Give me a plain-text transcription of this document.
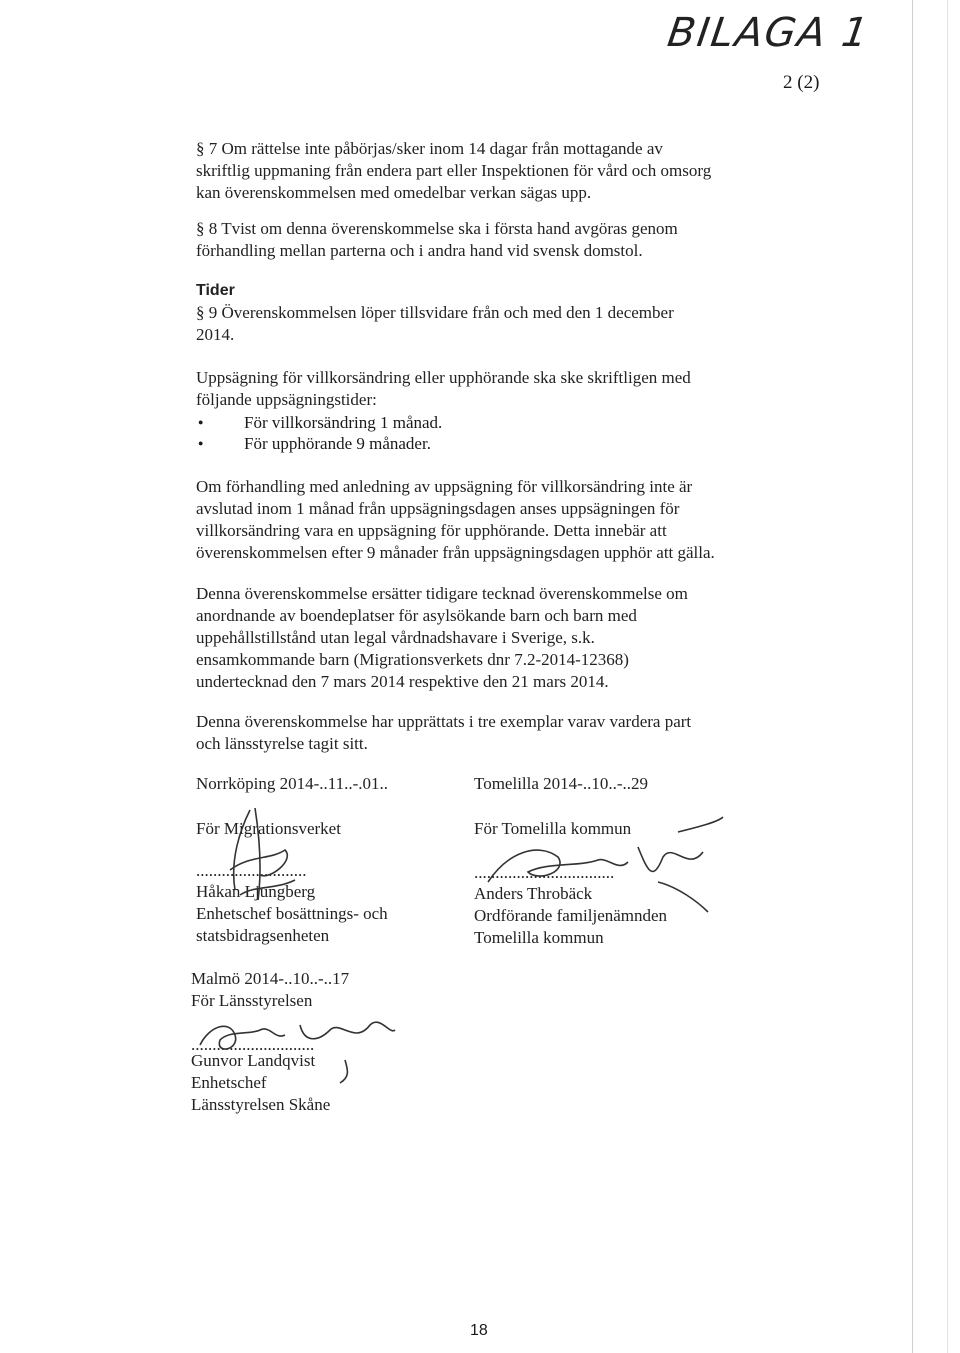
BILAGA 1
2 (2)
§ 7 Om rättelse inte påbörjas/sker inom 14 dagar från mottagande av
skriftlig uppmaning från endera part eller Inspektionen för vård och omsorg
kan överenskommelsen med omedelbar verkan sägas upp.
§ 8 Tvist om denna överenskommelse ska i första hand avgöras genom
förhandling mellan parterna och i andra hand vid svensk domstol.
Tider
§ 9 Överenskommelsen löper tillsvidare från och med den 1 december
2014.
Uppsägning för villkorsändring eller upphörande ska ske skriftligen med
följande uppsägningstider:
● För villkorsändring 1 månad.
● För upphörande 9 månader.
Om förhandling med anledning av uppsägning för villkorsändring inte är
avslutad inom 1 månad från uppsägningsdagen anses uppsägningen för
villkorsändring vara en uppsägning för upphörande. Detta innebär att
överenskommelsen efter 9 månader från uppsägningsdagen upphör att gälla.
Denna överenskommelse ersätter tidigare tecknad överenskommelse om
anordnande av boendeplatser för asylsökande barn och barn med
uppehållstillstånd utan legal vårdnadshavare i Sverige, s.k.
ensamkommande barn (Migrationsverkets dnr 7.2-2014-12368)
undertecknad den 7 mars 2014 respektive den 21 mars 2014.
Denna överenskommelse har upprättats i tre exemplar varav vardera part
och länsstyrelse tagit sitt.
Norrköping 2014-..11..-.01..
För Migrationsverket
..........................
Håkan Ljungberg
Enhetschef bosättnings- och
statsbidragsenheten
Tomelilla 2014-..10..-..29
För Tomelilla kommun
.................................
Anders Throbäck
Ordförande familjenämnden
Tomelilla kommun
Malmö 2014-..10..-..17
För Länsstyrelsen
.............................
Gunvor Landqvist
Enhetschef
Länsstyrelsen Skåne
18
